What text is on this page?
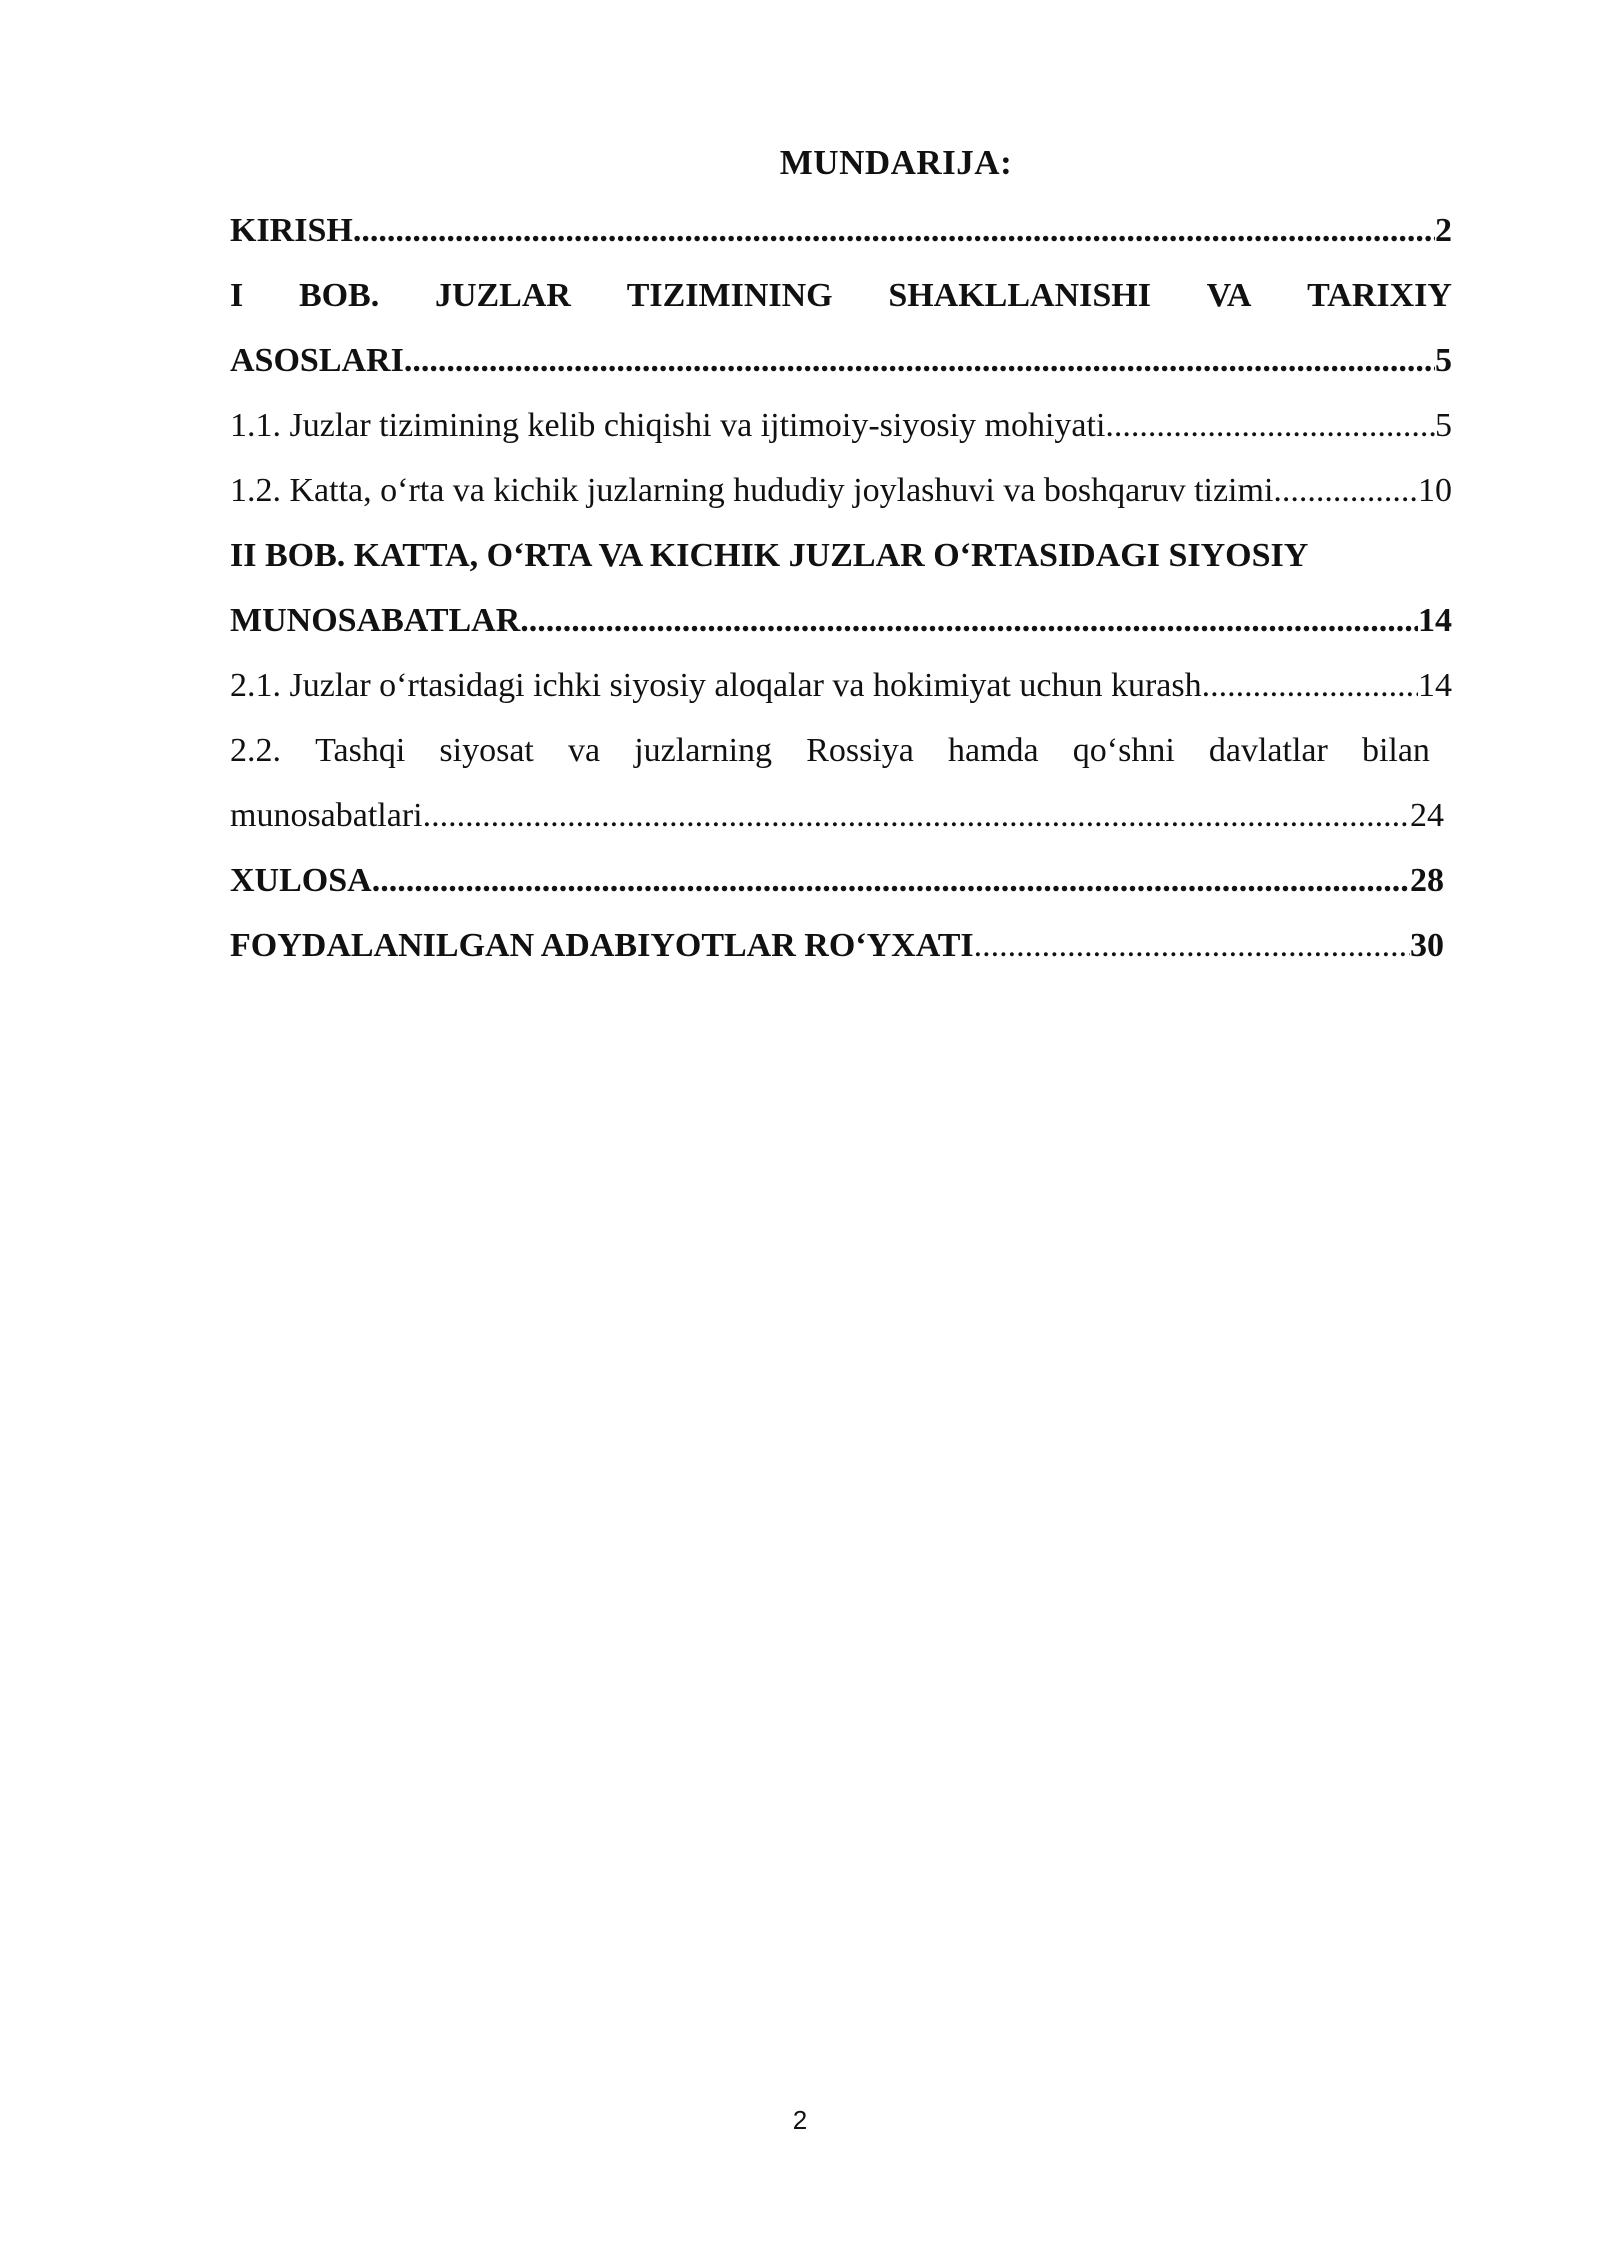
MUNDARIJA:
KIRISH .....	2
I BOB. JUZLAR TIZIMINING SHAKLLANISHI VA TARIXIY
ASOSLARI .....	5
1.1. Juzlar tizimining kelib chiqishi va ijtimoiy-siyosiy mohiyati .....	5
1.2. Katta, o‘rta va kichik juzlarning hududiy joylashuvi va boshqaruv tizimi .....	10
II BOB. KATTA, O‘RTA VA KICHIK JUZLAR O‘RTASIDAGI SIYOSIY
MUNOSABATLAR .....	14
2.1. Juzlar o‘rtasidagi ichki siyosiy aloqalar va hokimiyat uchun kurash .....	14
2.2. Tashqi siyosat va juzlarning Rossiya hamda qo‘shni davlatlar bilan
munosabatlari .....	24
XULOSA .....	28
FOYDALANILGAN ADABIYOTLAR RO‘YXATI .....	30
2
